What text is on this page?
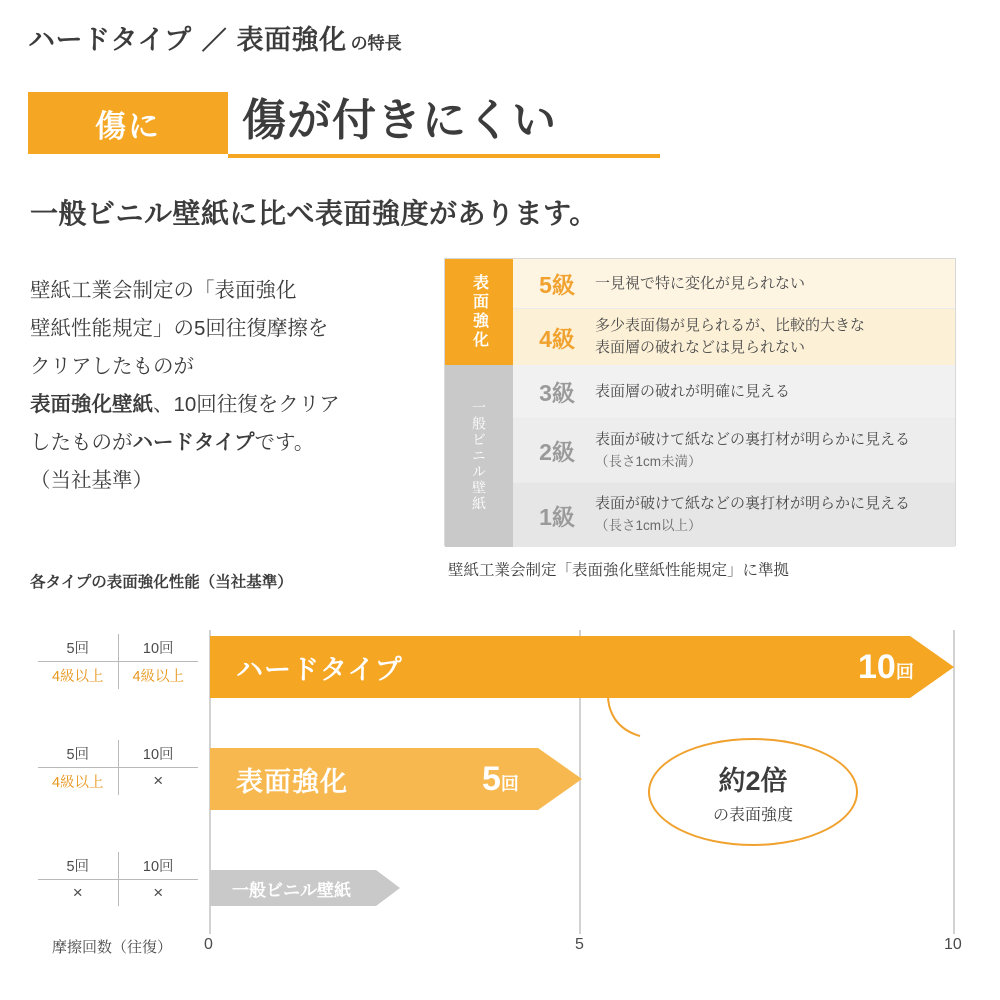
ハードタイプ ／ 表面強化 の特長
傷に 傷が付きにくい
一般ビニル壁紙に比べ表面強度があります。
壁紙工業会制定の「表面強化
壁紙性能規定」の5回往復摩擦を
クリアしたものが
表面強化壁紙、10回往復をクリア
したものがハードタイプです。
（当社基準）
表面強化	5級	一見視で特に変化が見られない
4級	多少表面傷が見られるが、比較的大きな
表面層の破れなどは見られない
一般ビニル壁紙
3級	表面層の破れが明確に見える
2級	表面が破けて紙などの裏打材が明らかに見える
（長さ1cm未満）
1級	表面が破けて紙などの裏打材が明らかに見える
（長さ1cm以上）
壁紙工業会制定「表面強化壁紙性能規定」に準拠
各タイプの表面強化性能（当社基準）
5回	10回
4級以上	4級以上
5回	10回
4級以上	×
5回	10回
×	×
ハードタイプ	10回
表面強化	5回
一般ビニル壁紙
約2倍
の表面強度
摩擦回数（往復） 0	5	10
